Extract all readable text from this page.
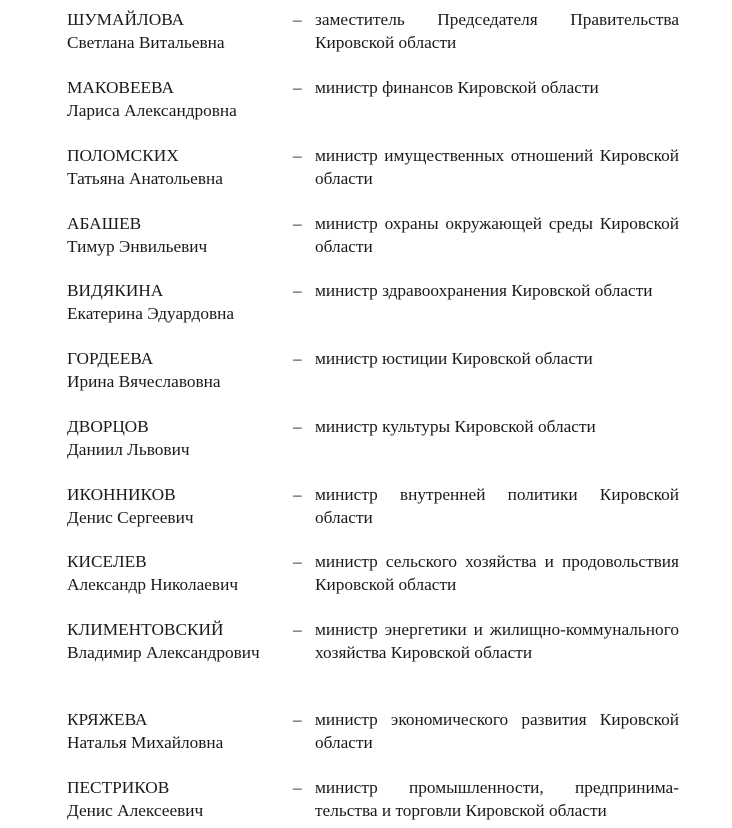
ШУМАЙЛОВА
Светлана Витальевна
– заместитель Председателя Правительства Кировской области
МАКОВЕЕВА
Лариса Александровна
– министр финансов Кировской области
ПОЛОМСКИХ
Татьяна Анатольевна
– министр имущественных отношений Кировской области
АБАШЕВ
Тимур Энвильевич
– министр охраны окружающей среды Кировской области
ВИДЯКИНА
Екатерина Эдуардовна
– министр здравоохранения Кировской области
ГОРДЕЕВА
Ирина Вячеславовна
– министр юстиции Кировской области
ДВОРЦОВ
Даниил Львович
– министр культуры Кировской области
ИКОННИКОВ
Денис Сергеевич
– министр внутренней политики Кировской области
КИСЕЛЕВ
Александр Николаевич
– министр сельского хозяйства и продовольствия Кировской области
КЛИМЕНТОВСКИЙ
Владимир Александрович
– министр энергетики и жилищно-коммунального хозяйства Кировской области
КРЯЖЕВА
Наталья Михайловна
– министр экономического развития Кировской области
ПЕСТРИКОВ
Денис Алексеевич
– министр промышленности, предпринимательства и торговли Кировской области
